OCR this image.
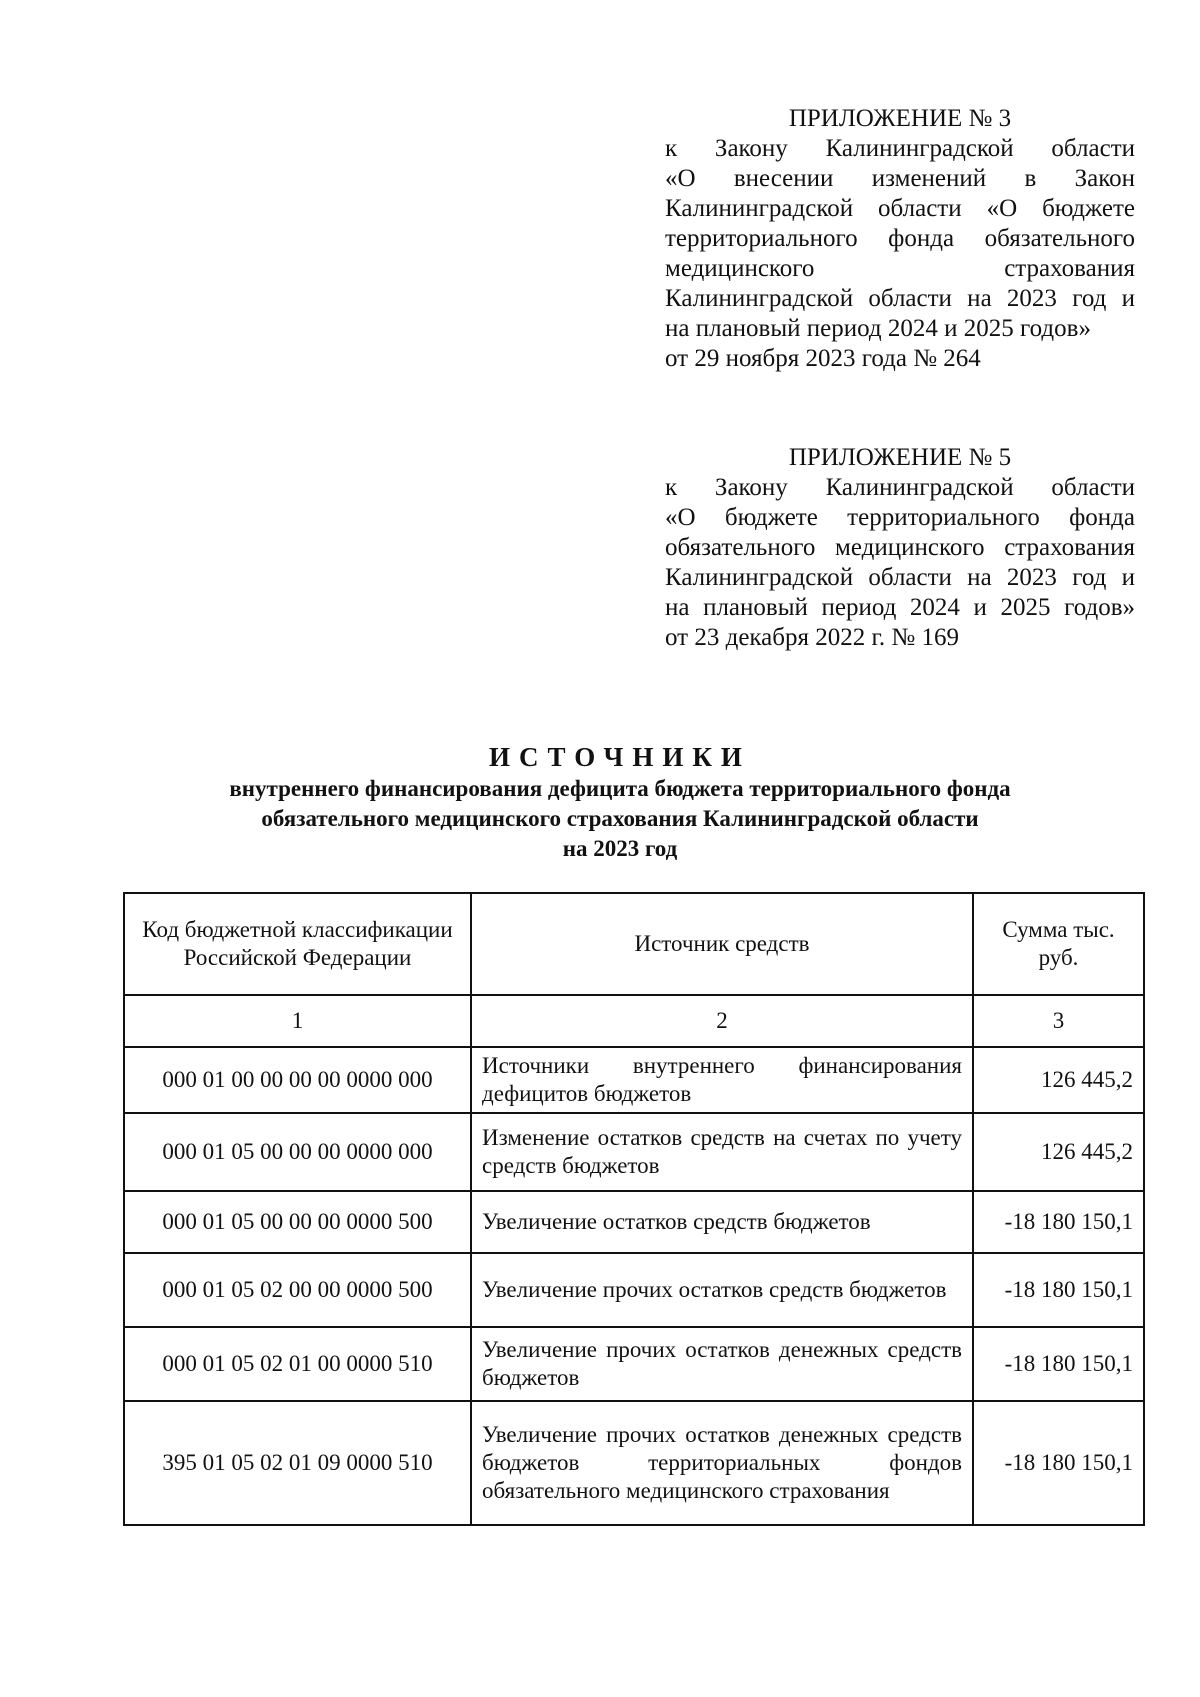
ПРИЛОЖЕНИЕ № 3

к Закону Калининградской области
«О внесении изменений в Закон
Калининградской области «О бюджете
территориального фонда обязательного
медицинского страхования
Калининградской области на 2023 год и
на плановый период 2024 и 2025 годов»
от 29 ноября 2023 года № 264

ПРИЛОЖЕНИЕ № 5

к Закону Калининградской области
«О бюджете территориального фонда
обязательного медицинского страхования
Калининградской области на 2023 год и
на плановый период 2024 и 2025 годов»
от 23 декабря 2022 г. № 169
ИСТОЧНИКИ
внутреннего финансирования дефицита бюджета территориального фонда
обязательного медицинского страхования Калининградской области
на 2023 год
Код бюджетной классификации Российской Федерации	Источник средств	Сумма тыс. руб.
1	2	3
000 01 00 00 00 00 0000 000	Источники внутреннего финансирования дефицитов бюджетов	126 445,2
000 01 05 00 00 00 0000 000	Изменение остатков средств на счетах по учету средств бюджетов	126 445,2
000 01 05 00 00 00 0000 500	Увеличение остатков средств бюджетов	-18 180 150,1
000 01 05 02 00 00 0000 500	Увеличение прочих остатков средств бюджетов	-18 180 150,1
000 01 05 02 01 00 0000 510	Увеличение прочих остатков денежных средств бюджетов	-18 180 150,1
395 01 05 02 01 09 0000 510	Увеличение прочих остатков денежных средств бюджетов территориальных фондов обязательного медицинского страхования	-18 180 150,1
